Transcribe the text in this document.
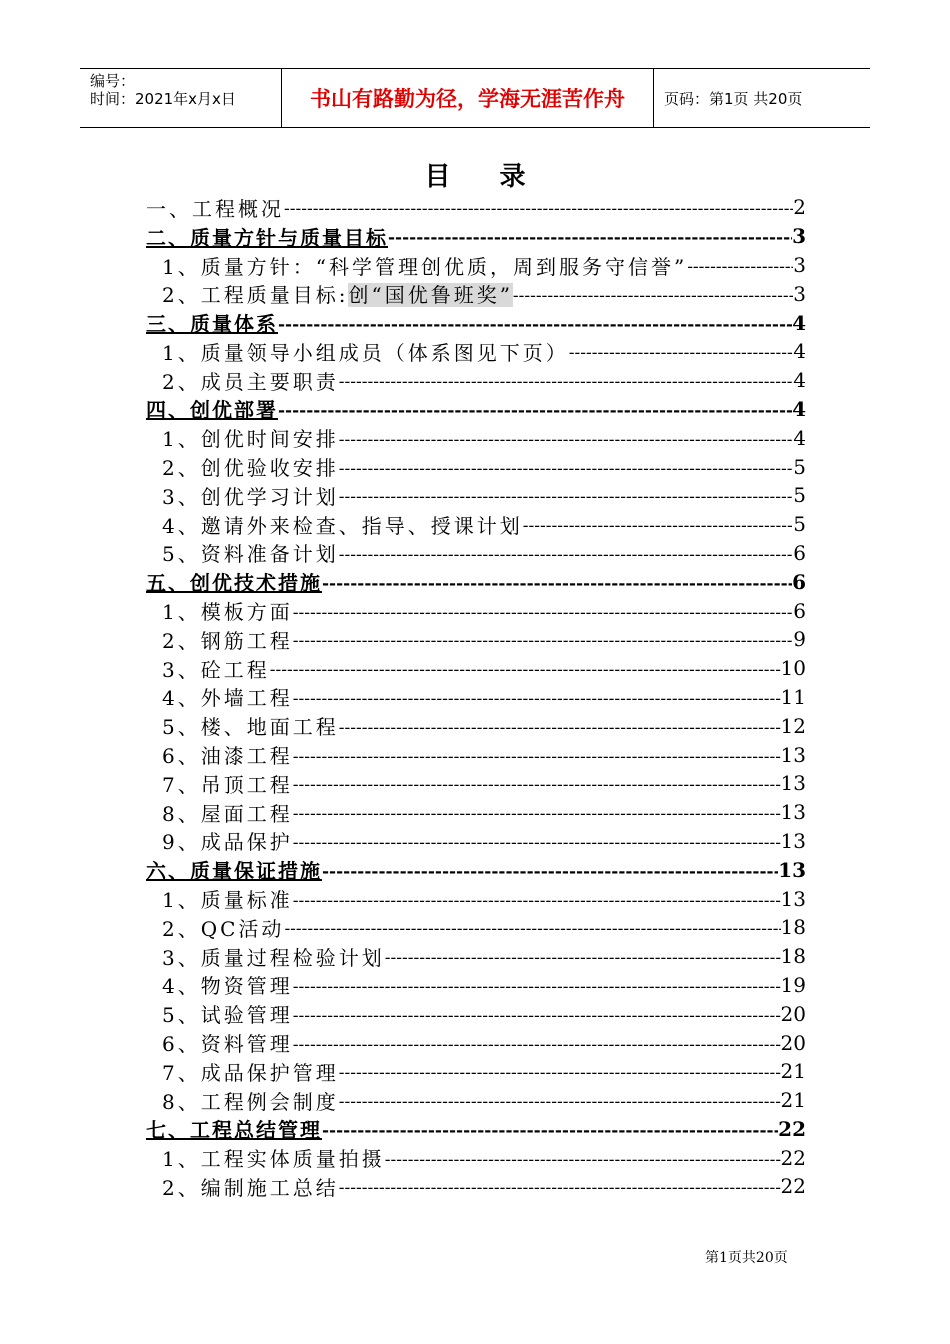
编号：
时间：2021年x月x日	书山有路勤为径，学海无涯苦作舟	页码：第1页 共20页
目 录
一、工程概况 -----	2
二、质量方针与质量目标 -----	3
1、质量方针：“科学管理创优质，周到服务守信誉” -----	3
2、工程质量目标:创“国优鲁班奖” -----	3
三、质量体系 -----	4
1、质量领导小组成员（体系图见下页） -----	4
2、成员主要职责 -----	4
四、创优部署 -----	4
1、创优时间安排 -----	4
2、创优验收安排 -----	5
3、创优学习计划 -----	5
4、邀请外来检查、指导、授课计划 -----	5
5、资料准备计划 -----	6
五、创优技术措施 -----	6
1、模板方面 -----	6
2、钢筋工程 -----	9
3、砼工程 -----	10
4、外墙工程 -----	11
5、楼、地面工程 -----	12
6、油漆工程 -----	13
7、吊顶工程 -----	13
8、屋面工程 -----	13
9、成品保护 -----	13
六、质量保证措施 -----	13
1、质量标准 -----	13
2、QC活动 -----	18
3、质量过程检验计划 -----	18
4、物资管理 -----	19
5、试验管理 -----	20
6、资料管理 -----	20
7、成品保护管理 -----	21
8、工程例会制度 -----	21
七、工程总结管理 -----	22
1、工程实体质量拍摄 -----	22
2、编制施工总结 -----	22
第1页共20页
